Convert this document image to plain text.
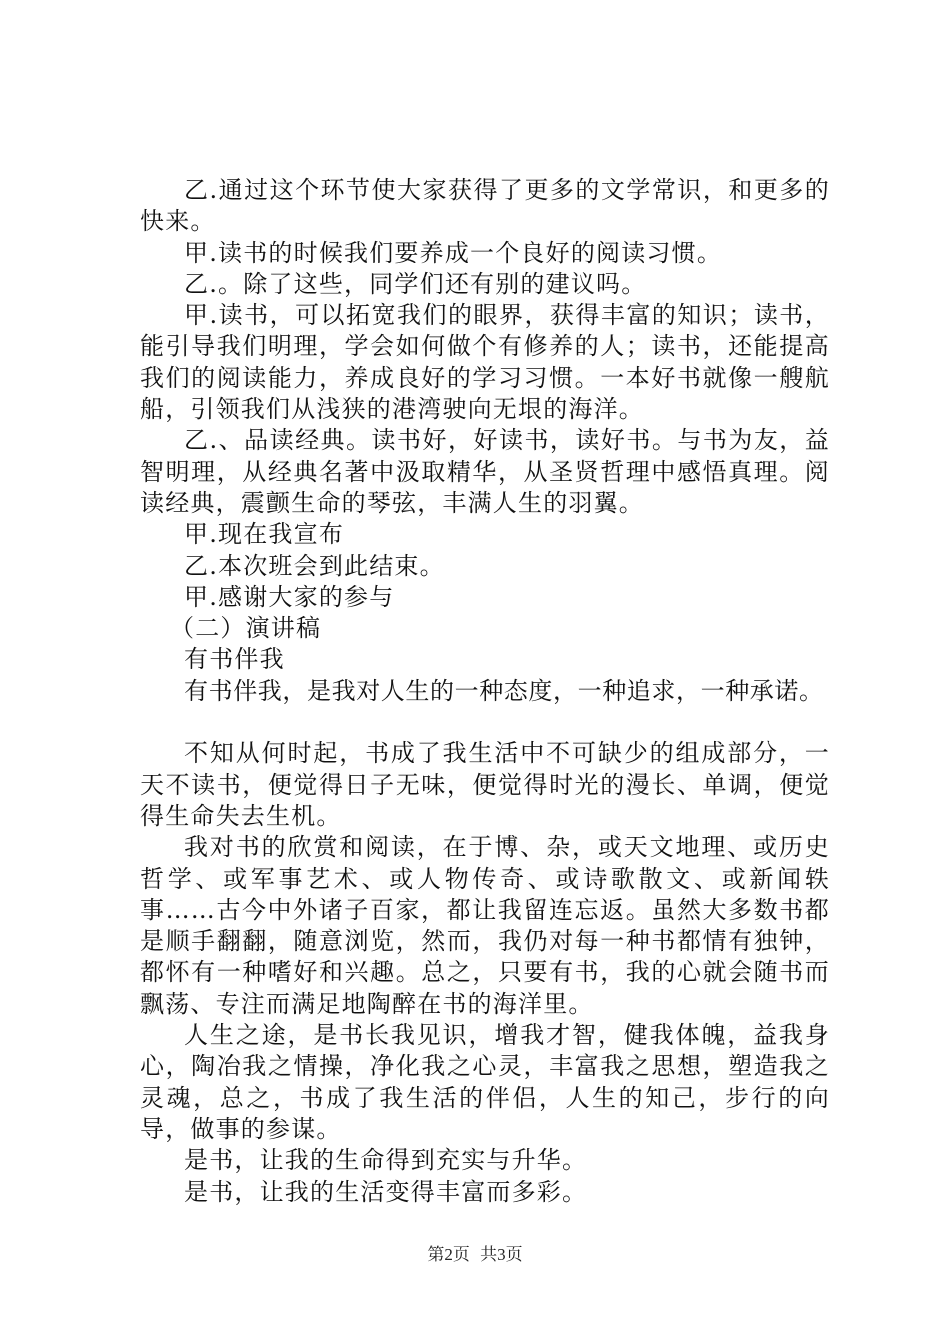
乙.通过这个环节使大家获得了更多的文学常识，和更多的快来。

甲.读书的时候我们要养成一个良好的阅读习惯。

乙.。除了这些，同学们还有别的建议吗。

甲.读书，可以拓宽我们的眼界，获得丰富的知识；读书，能引导我们明理，学会如何做个有修养的人；读书，还能提高我们的阅读能力，养成良好的学习习惯。一本好书就像一艘航船，引领我们从浅狭的港湾驶向无垠的海洋。

乙.、品读经典。读书好，好读书，读好书。与书为友，益智明理，从经典名著中汲取精华，从圣贤哲理中感悟真理。阅读经典，震颤生命的琴弦，丰满人生的羽翼。

甲.现在我宣布

乙.本次班会到此结束。

甲.感谢大家的参与

（二）演讲稿

有书伴我

有书伴我，是我对人生的一种态度，一种追求，一种承诺。

不知从何时起，书成了我生活中不可缺少的组成部分，一天不读书，便觉得日子无味，便觉得时光的漫长、单调，便觉得生命失去生机。

我对书的欣赏和阅读，在于博、杂，或天文地理、或历史哲学、或军事艺术、或人物传奇、或诗歌散文、或新闻轶事……古今中外诸子百家，都让我留连忘返。虽然大多数书都是顺手翻翻，随意浏览，然而，我仍对每一种书都情有独钟，都怀有一种嗜好和兴趣。总之，只要有书，我的心就会随书而飘荡、专注而满足地陶醉在书的海洋里。

人生之途，是书长我见识，增我才智，健我体魄，益我身心，陶冶我之情操，净化我之心灵，丰富我之思想，塑造我之灵魂，总之，书成了我生活的伴侣，人生的知己，步行的向导，做事的参谋。

是书，让我的生命得到充实与升华。

是书，让我的生活变得丰富而多彩。

第2页 共3页
